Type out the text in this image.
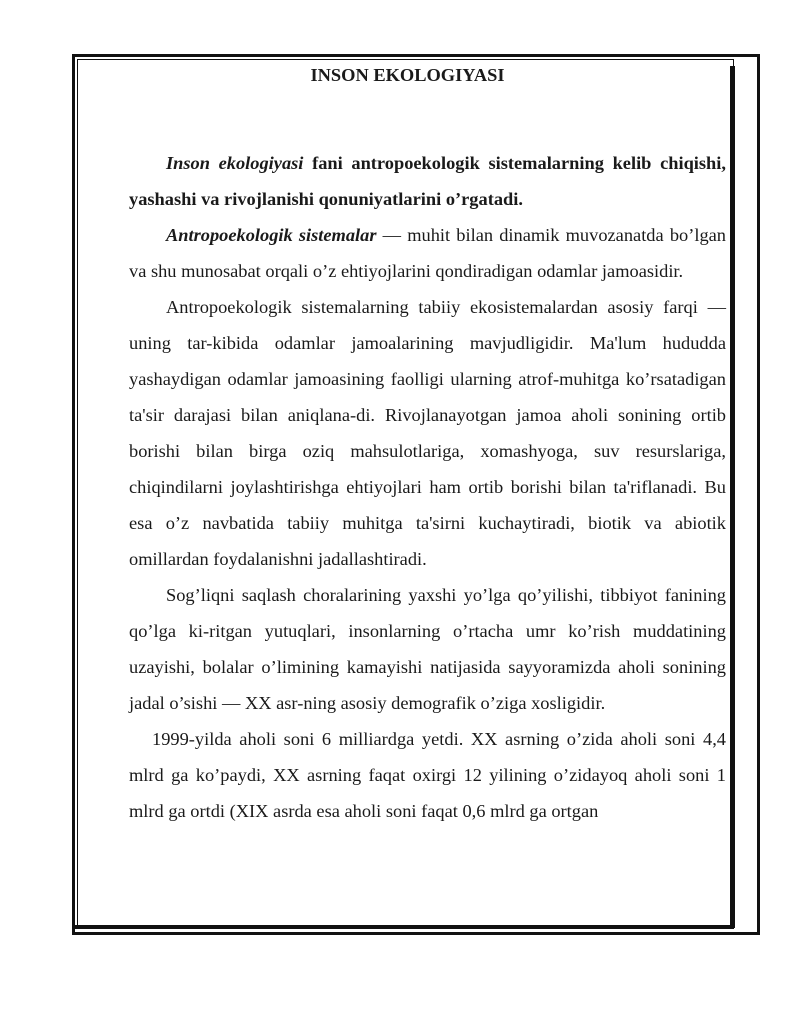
INSON EKOLOGIYASI

Inson ekologiyasi fani antropoekologik sistemalarning kelib chiqishi, yashashi va rivojlanishi qonuniyatlarini o’rgatadi.

Antropoekologik sistemalar — muhit bilan dinamik muvozanatda bo’lgan va shu munosabat orqali o’z ehtiyojlarini qondiradigan odamlar jamoasidir.

Antropoekologik sistemalarning tabiiy ekosistemalardan asosiy farqi — uning tar-kibida odamlar jamoalarining mavjudligidir. Ma'lum hududda yashaydigan odamlar jamoasining faolligi ularning atrof-muhitga ko’rsatadigan ta'sir darajasi bilan aniqlana-di. Rivojlanayotgan jamoa aholi sonining ortib borishi bilan birga oziq mahsulotlariga, xomashyoga, suv resurslariga, chiqindilarni joylashtirishga ehtiyojlari ham ortib borishi bilan ta'riflanadi. Bu esa o’z navbatida tabiiy muhitga ta'sirni kuchaytiradi, biotik va abiotik omillardan foydalanishni jadallashtiradi.

Sog’liqni saqlash choralarining yaxshi yo’lga qo’yilishi, tibbiyot fanining qo’lga ki-ritgan yutuqlari, insonlarning o’rtacha umr ko’rish muddatining uzayishi, bolalar o’limining kamayishi natijasida sayyoramizda aholi sonining jadal o’sishi — XX asr-ning asosiy demografik o’ziga xosligidir.

1999-yilda aholi soni 6 milliardga yetdi. XX asrning o’zida aholi soni 4,4 mlrd ga ko’paydi, XX asrning faqat oxirgi 12 yilining o’zidayoq aholi soni 1 mlrd ga ortdi (XIX asrda esa aholi soni faqat 0,6 mlrd ga ortgan
